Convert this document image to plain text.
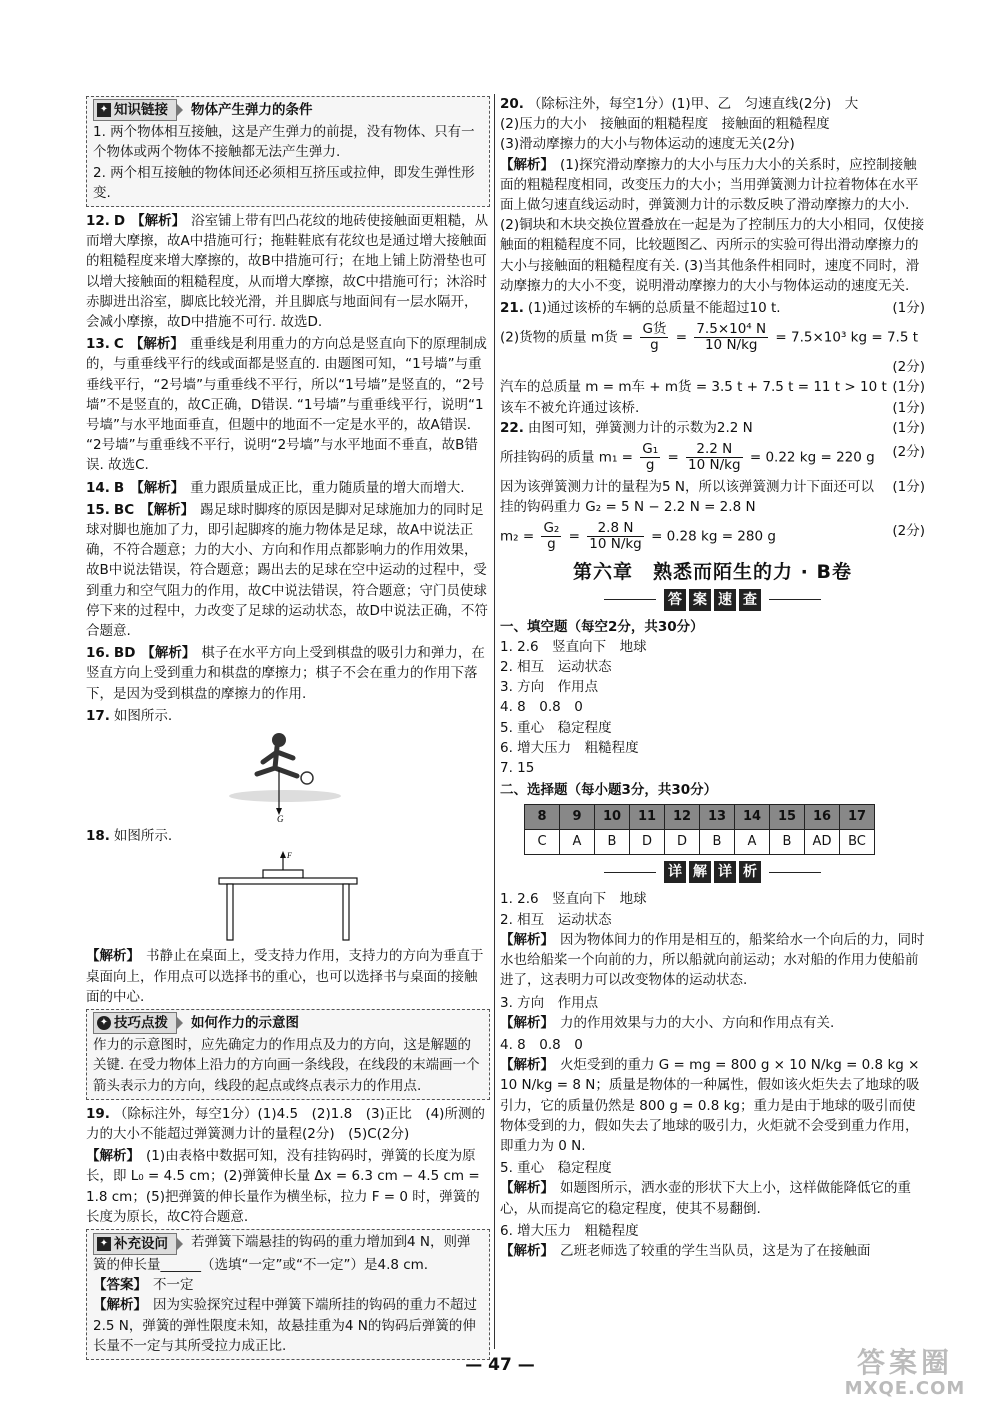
✦ 知识链接 物体产生弹力的条件

1. 两个物体相互接触，这是产生弹力的前提，没有物体、只有一个物体或两个物体不接触都无法产生弹力.

2. 两个相互接触的物体间还必须相互挤压或拉伸，即发生弹性形变.

12. D 【 解析 】 浴室铺上带有凹凸花纹的地砖使接触面更粗糙，从而增大摩擦，故A中措施可行；拖鞋鞋底有花纹也是通过增大接触面的粗糙程度来增大摩擦的，故B中措施可行；在地上铺上防滑垫也可以增大接触面的粗糙程度，从而增大摩擦，故C中措施可行；沐浴时赤脚进出浴室，脚底比较光滑，并且脚底与地面间有一层水隔开，会减小摩擦，故D中措施不可行. 故选D.

13. C 【 解析 】 重垂线是利用重力的方向总是竖直向下的原理制成的，与重垂线平行的线或面都是竖直的. 由题图可知，“1号墙”与重垂线平行，“2号墙”与重垂线不平行，所以“1号墙”是竖直的，“2号墙”不是竖直的，故C正确，D错误. “1号墙”与重垂线平行，说明“1号墙”与水平地面垂直，但题中的地面不一定是水平的，故A错误. “2号墙”与重垂线不平行，说明“2号墙”与水平地面不垂直，故B错误. 故选C.

14. B 【 解析 】 重力跟质量成正比，重力随质量的增大而增大.

15. BC 【 解析 】 踢足球时脚疼的原因是脚对足球施加力的同时足球对脚也施加了力，即引起脚疼的施力物体是足球，故A中说法正确，不符合题意；力的大小、方向和作用点都影响力的作用效果，故B中说法错误，符合题意；踢出去的足球在空中运动的过程中，受到重力和空气阻力的作用，故C中说法错误，符合题意；守门员使球停下来的过程中，力改变了足球的运动状态，故D中说法正确，不符合题意.

16. BD 【 解析 】 棋子在水平方向上受到棋盘的吸引力和弹力，在竖直方向上受到重力和棋盘的摩擦力；棋子不会在重力的作用下落下，是因为受到棋盘的摩擦力的作用.

17. 如图所示.

G

18. 如图所示.

F

【 解析 】 书静止在桌面上，受支持力作用，支持力的方向为垂直于桌面向上，作用点可以选择书的重心，也可以选择书与桌面的接触面的中心.

✦ 技巧点拨 如何作力的示意图

作力的示意图时，应先确定力的作用点及力的方向，这是解题的关键. 在受力物体上沿力的方向画一条线段，在线段的末端画一个箭头表示力的方向，线段的起点或终点表示力的作用点.

19. （除标注外，每空1分）(1)4.5　(2)1.8　(3)正比　(4)所测的力的大小不能超过弹簧测力计的量程(2分)　(5)C(2分)

【 解析 】 (1)由表格中数据可知，没有挂钩码时，弹簧的长度为原长，即 L₀ = 4.5 cm；(2)弹簧伸长量 Δx = 6.3 cm − 4.5 cm = 1.8 cm；(5)把弹簧的伸长量作为横坐标，拉力 F = 0 时，弹簧的长度为原长，故C符合题意.

✦ 补充设问 若弹簧下端悬挂的钩码的重力增加到4 N，则弹簧的伸长量______（选填“一定”或“不一定”）是4.8 cm.

【 答案 】 不一定

【 解析 】 因为实验探究过程中弹簧下端所挂的钩码的重力不超过2.5 N，弹簧的弹性限度未知，故悬挂重为4 N的钩码后弹簧的伸长量不一定与其所受拉力成正比.

20. （除标注外，每空1分）(1)甲、乙　匀速直线(2分)　大

(2)压力的大小　接触面的粗糙程度　接触面的粗糙程度

(3)滑动摩擦力的大小与物体运动的速度无关(2分)

【 解析 】 (1)探究滑动摩擦力的大小与压力大小的关系时，应控制接触面的粗糙程度相同，改变压力的大小；当用弹簧测力计拉着物体在水平面上做匀速直线运动时，弹簧测力计的示数反映了滑动摩擦力的大小. (2)铜块和木块交换位置叠放在一起是为了控制压力的大小相同，仅使接触面的粗糙程度不同，比较题图乙、丙所示的实验可得出滑动摩擦力的大小与接触面的粗糙程度有关. (3)当其他条件相同时，速度不同时，滑动摩擦力的大小不变，说明滑动摩擦力的大小与物体运动的速度无关.

21. (1)通过该桥的车辆的总质量不能超过10 t.	(1分)
(2)货物的质量 m货 = $\frac{\text{G货}}{g} = \frac{\text{7.5×10⁴ N}}{10 N/kg} = 7.5\times 10^3$ kg = 7.5 t
(2分)
汽车的总质量 m = m车 + m货 = 3.5 t + 7.5 t = 11 t > 10 t (1分)
该车不被允许通过该桥.	(1分)
22. 由图可知，弹簧测力计的示数为2.2 N	(1分)
所挂钩码的质量 $m_1 = \frac{\text{G₁}}{g} = \frac{2.2 N}{10 N/kg} = 0.22$ kg = 220 g (2分)
因为该弹簧测力计的量程为5 N，所以该弹簧测力计下面还可以挂的钩码重力 G₂ = 5 N − 2.2 N = 2.8 N
(1分)
$m_2 = \frac{\text{G₂}}{g} = \frac{2.8 N}{10 N/kg} = 0.28$ kg = 280 g	(2分)
第六章　熟悉而陌生的力 · B卷
答 案 速 查

一、填空题（每空2分，共30分）

1. 2.6　竖直向下　地球

2. 相互　运动状态

3. 方向　作用点

4. 8　0.8　0

5. 重心　稳定程度

6. 增大压力　粗糙程度

7. 15

二、选择题（每小题3分，共30分）

8	9	10	11	12	13	14	15	16	17
C	A	B	D	D	B	A	B	AD	BC
详 解 详 析

1. 2.6　竖直向下　地球

2. 相互　运动状态

【 解析 】 因为物体间力的作用是相互的，船桨给水一个向后的力，同时水也给船桨一个向前的力，所以船就向前运动；水对船的作用力使船前进了，这表明力可以改变物体的运动状态.

3. 方向　作用点

【 解析 】 力的作用效果与力的大小、方向和作用点有关.

4. 8　0.8　0

【 解析 】 火炬受到的重力 G = mg = 800 g × 10 N/kg = 0.8 kg × 10 N/kg = 8 N；质量是物体的一种属性，假如该火炬失去了地球的吸引力，它的质量仍然是 800 g = 0.8 kg；重力是由于地球的吸引而使物体受到的力，假如失去了地球的吸引力，火炬就不会受到重力作用，即重力为 0 N.

5. 重心　稳定程度

【 解析 】 如题图所示，洒水壶的形状下大上小，这样做能降低它的重心，从而提高它的稳定程度，使其不易翻倒.

6. 增大压力　粗糙程度

【 解析 】 乙班老师选了较重的学生当队员，这是为了在接触面

— 47 —	答案圈
MXQE.COM
